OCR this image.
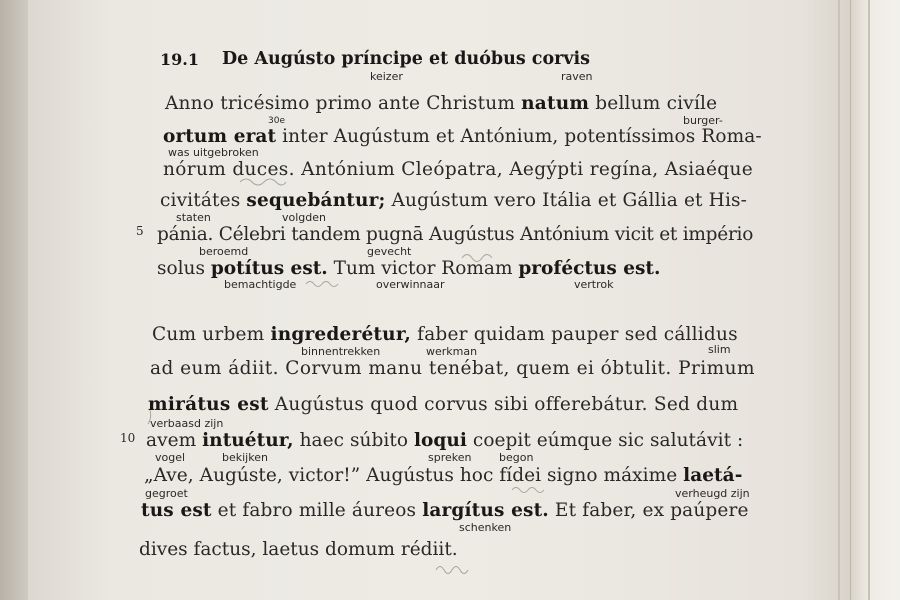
19.1 De Augústo príncipe et duóbus corvis
Anno tricésimo primo ante Christum natum bellum civíle
ortum erat inter Augústum et Antónium, potentíssimos Roma-
nórum duces. Antónium Cleópatra, Aegýpti regína, Asiaéque
civitátes sequebántur; Augústum vero Itália et Gállia et His-
pánia. Célebri tandem pugnā Augústus Antónium vicit et império
solus potítus est. Tum victor Romam proféctus est.
Cum urbem ingrederétur, faber quidam pauper sed cállidus
ad eum ádiit. Corvum manu tenébat, quem ei óbtulit. Primum
mirátus est Augústus quod corvus sibi offerebátur. Sed dum
avem intuétur, haec súbito loqui coepit eúmque sic salutávit :
„Ave, Augúste, victor!” Augústus hoc fídei signo máxime laetá-
tus est et fabro mille áureos largítus est. Et faber, ex paúpere
dives factus, laetus domum rédiit.
5
10
keizer	raven
30e	burger-
was uitgebroken
staten	volgden
beroemd	gevecht
bemachtigde	overwinnaar	vertrok
binnentrekken	werkman	slim
verbaasd zijn
vogel	bekijken	spreken	begon
gegroet	verheugd zijn
schenken
